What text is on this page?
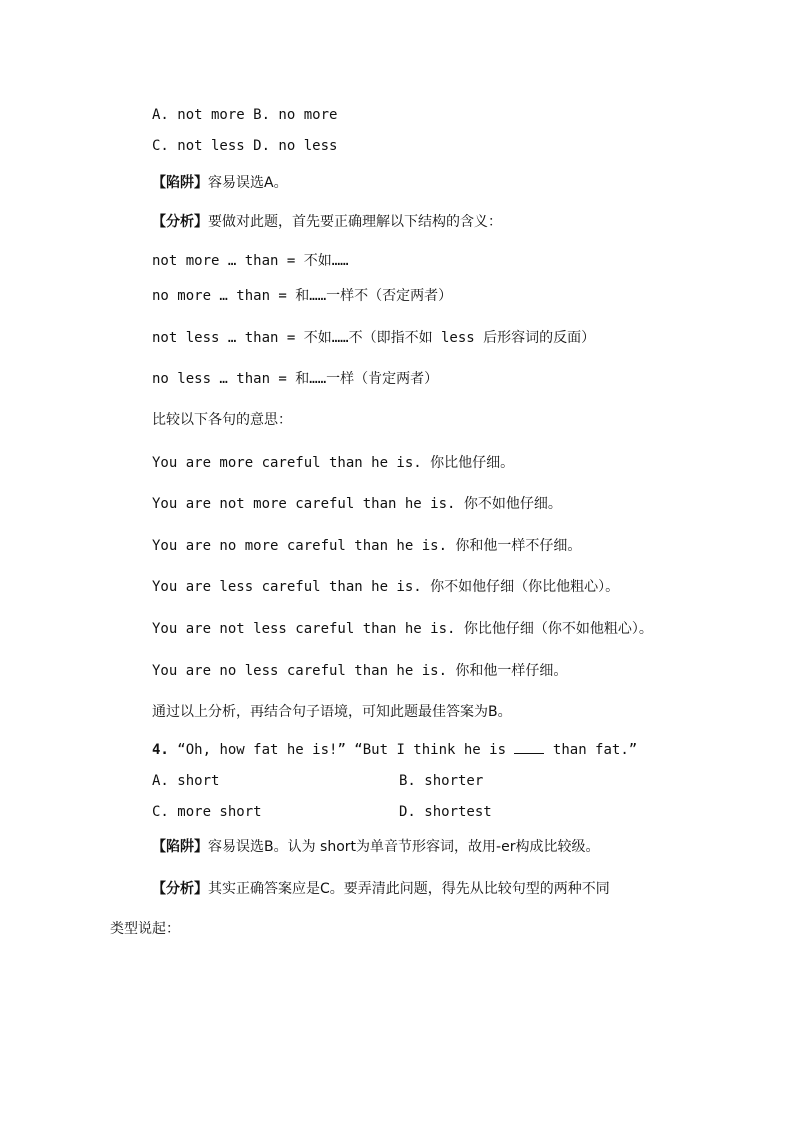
A. not more B. no more
C. not less D. no less
【陷阱】容易误选A。
【分析】要做对此题，首先要正确理解以下结构的含义：
not more … than = 不如……
no more … than = 和……一样不（否定两者）
not less … than = 不如……不（即指不如 less 后形容词的反面）
no less … than = 和……一样（肯定两者）
比较以下各句的意思：
You are more careful than he is. 你比他仔细。
You are not more careful than he is. 你不如他仔细。
You are no more careful than he is. 你和他一样不仔细。
You are less careful than he is. 你不如他仔细（你比他粗心）。
You are not less careful than he is. 你比他仔细（你不如他粗心）。
You are no less careful than he is. 你和他一样仔细。
通过以上分析，再结合句子语境，可知此题最佳答案为B。
4. “Oh, how fat he is!” “But I think he is	than fat.”
A. short	B. shorter
C. more short	D. shortest
【陷阱】容易误选B。认为 short为单音节形容词，故用-er构成比较级。
【分析】其实正确答案应是C。要弄清此问题，得先从比较句型的两种不同
类型说起：
